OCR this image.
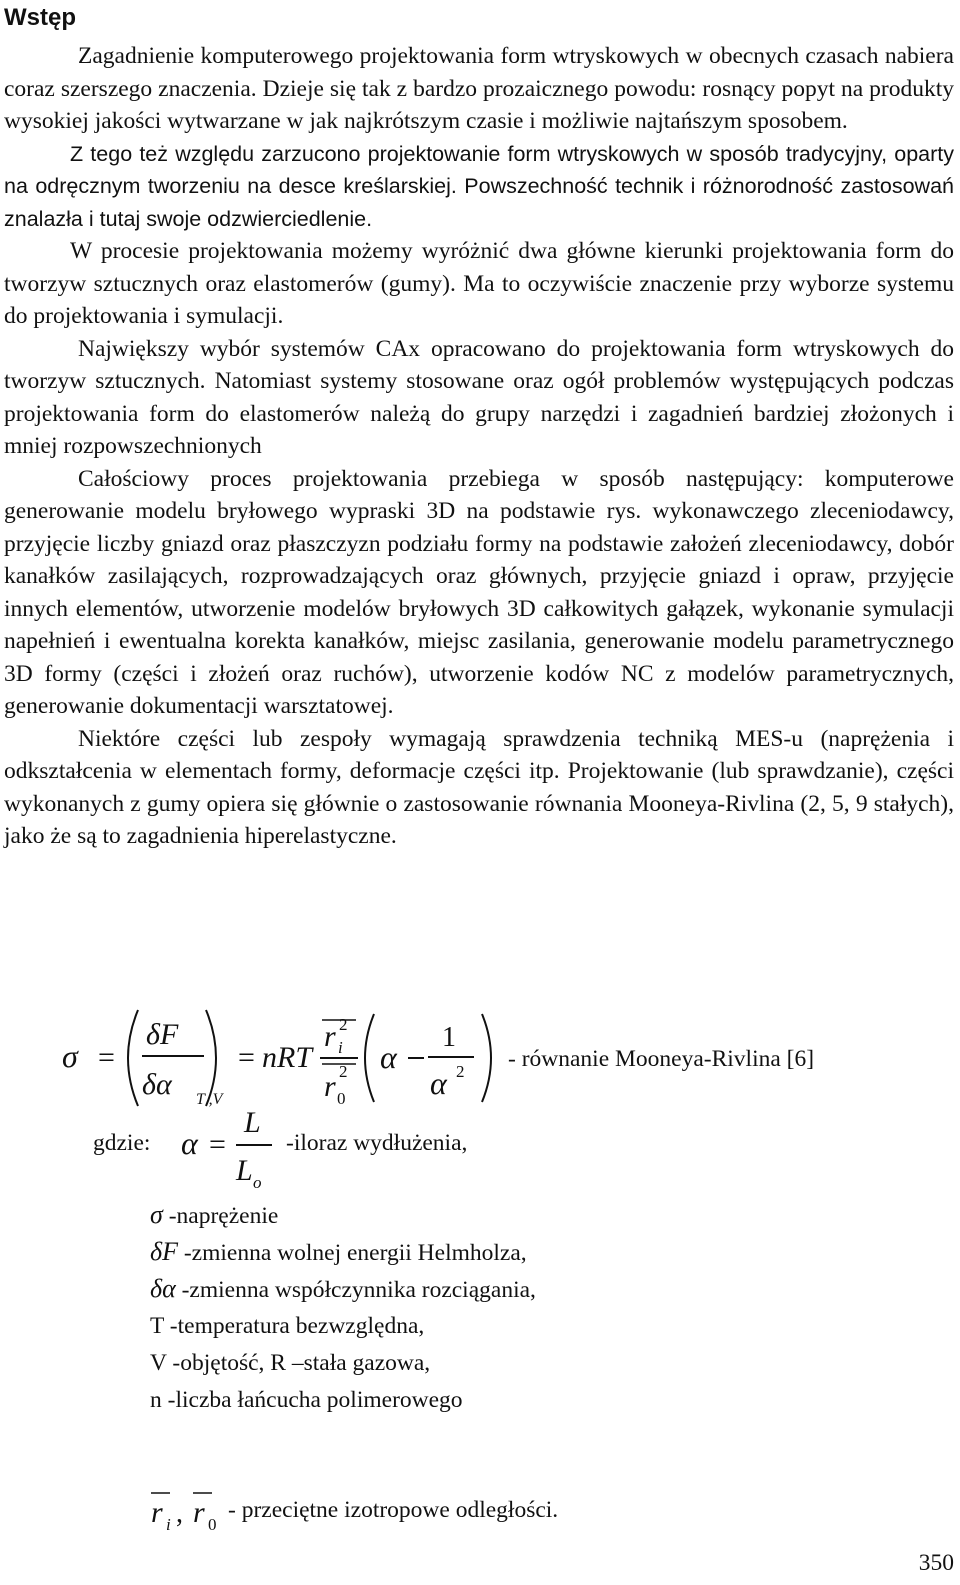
Wstęp

Zagadnienie komputerowego projektowania form wtryskowych w obecnych czasach nabiera coraz szerszego znaczenia. Dzieje się tak z bardzo prozaicznego powodu: rosnący popyt na produkty wysokiej jakości wytwarzane w jak najkrótszym czasie i możliwie najtańszym sposobem.

Z tego też względu zarzucono projektowanie form wtryskowych w sposób tradycyjny, oparty na odręcznym tworzeniu na desce kreślarskiej. Powszechność technik i różnorodność zastosowań znalazła i tutaj swoje odzwierciedlenie.

W procesie projektowania możemy wyróżnić dwa główne kierunki projektowania form do tworzyw sztucznych oraz elastomerów (gumy). Ma to oczywiście znaczenie przy wyborze systemu do projektowania i symulacji.

Największy wybór systemów CAx opracowano do projektowania form wtryskowych do tworzyw sztucznych. Natomiast systemy stosowane oraz ogół problemów występujących podczas projektowania form do elastomerów należą do grupy narzędzi i zagadnień bardziej złożonych i mniej rozpowszechnionych

Całościowy proces projektowania przebiega w sposób następujący: komputerowe generowanie modelu bryłowego wypraski 3D na podstawie rys. wykonawczego zleceniodawcy, przyjęcie liczby gniazd oraz płaszczyzn podziału formy na podstawie założeń zleceniodawcy, dobór kanałków zasilających, rozprowadzających oraz głównych, przyjęcie gniazd i opraw, przyjęcie innych elementów, utworzenie modelów bryłowych 3D całkowitych gałązek, wykonanie symulacji napełnień i ewentualna korekta kanałków, miejsc zasilania, generowanie modelu parametrycznego 3D formy (części i złożeń oraz ruchów), utworzenie kodów NC z modelów parametrycznych, generowanie dokumentacji warsztatowej.

Niektóre części lub zespoły wymagają sprawdzenia techniką MES-u (naprężenia i odkształcenia w elementach formy, deformacje części itp. Projektowanie (lub sprawdzanie), części wykonanych z gumy opiera się głównie o zastosowanie równania Mooneya-Rivlina (2, 5, 9 stałych), jako że są to zagadnienia hiperelastyczne.

σ =
δF
δα T ,V
= nRT
r 2
i
r 2
0
α
1
α 2
α =
L
L o
r i , r 0
- równanie Mooneya-Rivlina [6]
gdzie:	-iloraz wydłużenia,
σ -naprężenie
δF -zmienna wolnej energii Helmholza,
δα -zmienna współczynnika rozciągania,
T -temperatura bezwzględna,
V -objętość, R –stała gazowa,
n -liczba łańcucha polimerowego
- przeciętne izotropowe odległości.
350
